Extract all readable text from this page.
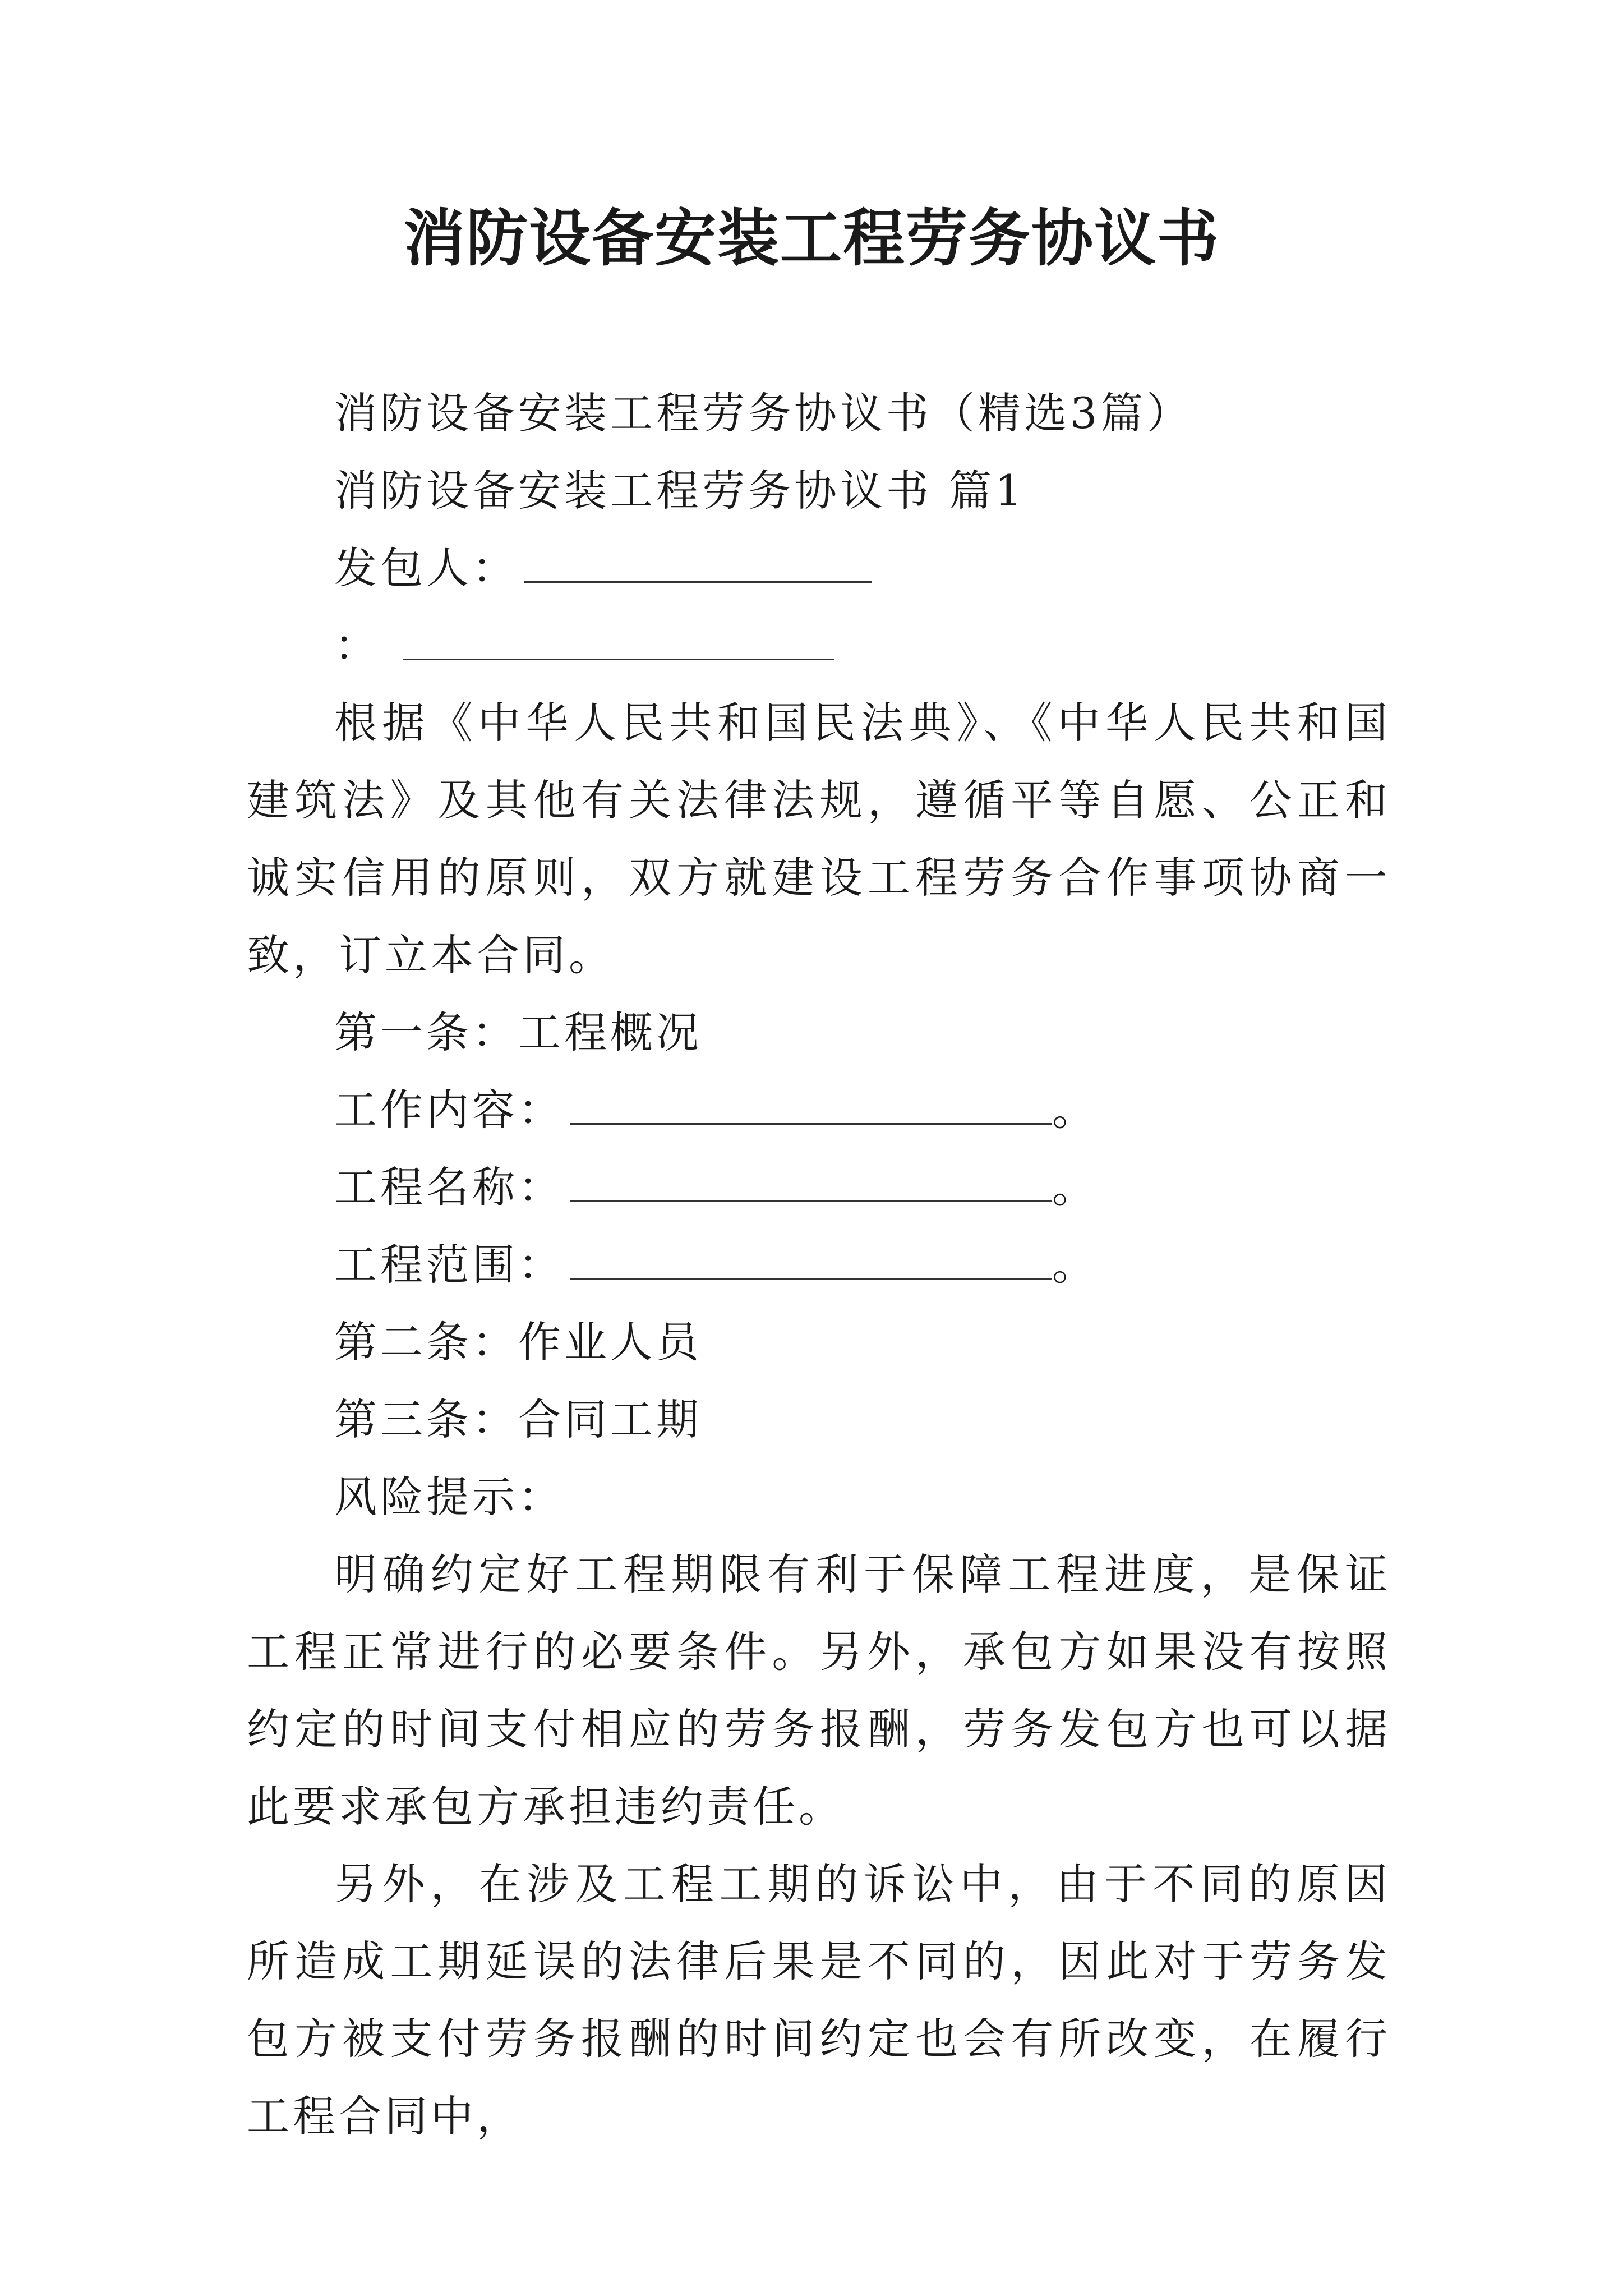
消防设备安装工程劳务协议书
消防设备安装工程劳务协议书（精选3篇）
消防设备安装工程劳务协议书 篇1
发包人：
：

根据《中华人民共和国民法典》、《中华人民共和国建筑法》及其他有关法律法规，遵循平等自愿、公正和诚实信用的原则，双方就建设工程劳务合作事项协商一致，订立本合同。

第一条：工程概况
工作内容：	。
工程名称：	。
工程范围：	。
第二条：作业人员
第三条：合同工期
风险提示：

明确约定好工程期限有利于保障工程进度，是保证工程正常进行的必要条件。另外，承包方如果没有按照约定的时间支付相应的劳务报酬，劳务发包方也可以据此要求承包方承担违约责任。

另外，在涉及工程工期的诉讼中，由于不同的原因所造成工期延误的法律后果是不同的，因此对于劳务发包方被支付劳务报酬的时间约定也会有所改变，在履行工程合同中，
